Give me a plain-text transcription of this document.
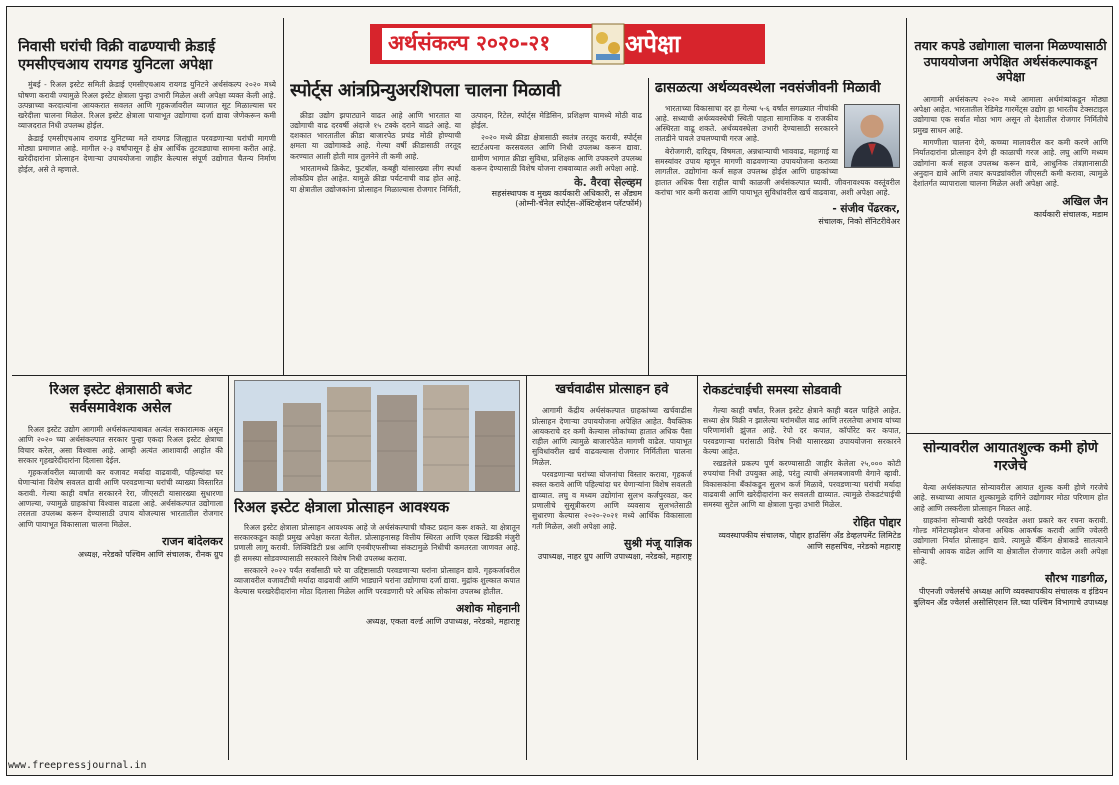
अर्थसंकल्प २०२०-२१	अपेक्षा
निवासी घरांची विक्री वाढण्याची क्रेडाई एमसीएचआय रायगड युनिटला अपेक्षा

मुंबई - रिअल इस्टेट समिती क्रेडाई एमसीएचआय रायगड युनिटने अर्थसंकल्प २०२० मध्ये घोषणा करावी ज्यामुळे रिअल इस्टेट क्षेत्राला पुन्हा उभारी मिळेल अशी अपेक्षा व्यक्त केली आहे. उत्पन्नाच्या करदात्यांना आयकरात सवलत आणि गृहकर्जावरील व्याजात सूट मिळाल्यास घर खरेदीला चालना मिळेल. रिअल इस्टेट क्षेत्राला पायाभूत उद्योगाचा दर्जा द्यावा जेणेकरून कमी व्याजदरात निधी उपलब्ध होईल.

क्रेडाई एमसीएचआय रायगड युनिटच्या मते रायगड जिल्ह्यात परवडणाऱ्या घरांची मागणी मोठ्या प्रमाणात आहे. मागील २-३ वर्षांपासून हे क्षेत्र आर्थिक तुटवड्याचा सामना करीत आहे. खरेदीदारांना प्रोत्साहन देणाऱ्या उपाययोजना जाहीर केल्यास संपूर्ण उद्योगात चैतन्य निर्माण होईल, असे ते म्हणाले.

स्पोर्ट्स आंत्रप्रिन्युअरशिपला चालना मिळावी

क्रीडा उद्योग झपाट्याने वाढत आहे आणि भारतात या उद्योगाची वाढ दरवर्षी अंदाजे १५ टक्के दराने वाढते आहे. या दशकात भारतातील क्रीडा बाजारपेठ प्रचंड मोठी होण्याची क्षमता या उद्योगाकडे आहे. गेल्या वर्षी क्रीडासाठी तरतूद करण्यात आली होती मात्र तुलनेने ती कमी आहे.

भारतामध्ये क्रिकेट, फुटबॉल, कबड्डी यांसारख्या लीग स्पर्धा लोकप्रिय होत आहेत. यामुळे क्रीडा पर्यटनाची वाढ होत आहे. या क्षेत्रातील उद्योजकांना प्रोत्साहन मिळाल्यास रोजगार निर्मिती, उत्पादन, रिटेल, स्पोर्ट्स मेडिसिन, प्रशिक्षण यामध्ये मोठी वाढ होईल.

२०२० मध्ये क्रीडा क्षेत्रासाठी स्वतंत्र तरतूद करावी, स्पोर्ट्स स्टार्टअपना करसवलत आणि निधी उपलब्ध करून द्यावा. ग्रामीण भागात क्रीडा सुविधा, प्रशिक्षक आणि उपकरणे उपलब्ध करून देण्यासाठी विशेष योजना राबवाव्यात अशी अपेक्षा आहे.

के. वैरवा सेल्व्हम
सहसंस्थापक व मुख्य कार्यकारी अधिकारी, स अँड्यम (ओम्नी-चॅनेल स्पोर्ट्स-ॲक्टिव्हेशन प्लॅटफॉर्म)
ढासळत्या अर्थव्यवस्थेला नवसंजीवनी मिळावी

भारताच्या विकासाचा दर हा गेल्या ५-६ वर्षांत सगळ्यात नीचांकी आहे. सध्याची अर्थव्यवस्थेची स्थिती पाहता सामाजिक व राजकीय अस्थिरता वाढू शकते. अर्थव्यवस्थेला उभारी देण्यासाठी सरकारने तातडीने पावले उचलण्याची गरज आहे.

बेरोजगारी, दारिद्र्य, विषमता, अन्नधान्याची भाववाढ, महागाई या समस्यांवर उपाय म्हणून मागणी वाढवणाऱ्या उपाययोजना कराव्या लागतील. उद्योगांना कर्ज सहज उपलब्ध होईल आणि ग्राहकांच्या हातात अधिक पैसा राहील याची काळजी अर्थसंकल्पात घ्यावी. जीवनावश्यक वस्तूंवरील करांचा भार कमी करावा आणि पायाभूत सुविधांवरील खर्च वाढवावा, अशी अपेक्षा आहे.

- संजीव पेंढरकर,
संचालक, निको सॅनिटरीवेअर
तयार कपडे उद्योगाला चालना मिळण्यासाठी उपाययोजना अपेक्षित अर्थसंकल्पाकडून अपेक्षा

आगामी अर्थसंकल्प २०२० मध्ये आमाला अर्थमंत्र्यांकडून मोठ्या अपेक्षा आहेत. भारतातील रेडिमेड गारमेंट्स उद्योग हा भारतीय टेक्सटाइल उद्योगाचा एक सर्वात मोठा भाग असून तो देशातील रोजगार निर्मितीचे प्रमुख साधन आहे.

मागणीला चालना देणे, कच्च्या मालावरील कर कमी करणे आणि निर्यातदारांना प्रोत्साहन देणे ही काळाची गरज आहे. लघु आणि मध्यम उद्योगांना कर्ज सहज उपलब्ध करून द्यावे, आधुनिक तंत्रज्ञानासाठी अनुदान द्यावे आणि तयार कपड्यांवरील जीएसटी कमी करावा, त्यामुळे देशांतर्गत व्यापाराला चालना मिळेल अशी अपेक्षा आहे.

अखिल जैन
कार्यकारी संचालक, मडाम
रिअल इस्टेट क्षेत्रासाठी बजेट सर्वसमावेशक असेल

रिअल इस्टेट उद्योग आगामी अर्थसंकल्पाबाबत अत्यंत सकारात्मक असून आणि २०२० च्या अर्थसंकल्पात सरकार पुन्हा एकदा रिअल इस्टेट क्षेत्राचा विचार करेल, असा विश्वास आहे. आम्ही अत्यंत आशावादी आहोत की सरकार गृहखरेदीदारांना दिलासा देईल.

गृहकर्जावरील व्याजाची कर वजावट मर्यादा वाढवावी, पहिल्यांदा घर घेणाऱ्यांना विशेष सवलत द्यावी आणि परवडणाऱ्या घरांची व्याख्या विस्तारित करावी. गेल्या काही वर्षांत सरकारने रेरा, जीएसटी यासारख्या सुधारणा आणल्या, ज्यामुळे ग्राहकांचा विश्वास वाढला आहे. अर्थसंकल्पात उद्योगाला तरलता उपलब्ध करून देण्यासाठी उपाय योजल्यास भारतातील रोजगार आणि पायाभूत विकासाला चालना मिळेल.

राजन बांदेलकर
अध्यक्ष, नरेडको पश्चिम आणि संचालक, रौनक ग्रुप
रिअल इस्टेट क्षेत्राला प्रोत्साहन आवश्यक

रिअल इस्टेट क्षेत्राला प्रोत्साहन आवश्यक आहे जे अर्थसंकल्पाची चौकट प्रदान करू शकते. या क्षेत्रातून सरकारकडून काही प्रमुख अपेक्षा करता येतील. प्रोत्साहनासह वित्तीय स्थिरता आणि एकल खिडकी मंजुरी प्रणाली लागू करावी. लिक्विडिटी प्रश्न आणि एनबीएफसीच्या संकटामुळे निधीची कमतरता जाणवत आहे. ही समस्या सोडवण्यासाठी सरकारने विशेष निधी उपलब्ध करावा.

सरकारने २०२२ पर्यंत सर्वांसाठी घरे या उद्दिष्टासाठी परवडणाऱ्या घरांना प्रोत्साहन द्यावे. गृहकर्जावरील व्याजावरील वजावटीची मर्यादा वाढवावी आणि भाड्याने घरांना उद्योगाचा दर्जा द्यावा. मुद्रांक शुल्कात कपात केल्यास घरखरेदीदारांना मोठा दिलासा मिळेल आणि परवडणारी घरे अधिक लोकांना उपलब्ध होतील.

अशोक मोहनानी
अध्यक्ष, एकता वर्ल्ड आणि उपाध्यक्ष, नरेडको, महाराष्ट्र
खर्चवाढीस प्रोत्साहन हवे

आगामी केंद्रीय अर्थसंकल्पात ग्राहकांच्या खर्चवाढीस प्रोत्साहन देणाऱ्या उपाययोजना अपेक्षित आहेत. वैयक्तिक आयकराचे दर कमी केल्यास लोकांच्या हातात अधिक पैसा राहील आणि त्यामुळे बाजारपेठेत मागणी वाढेल. पायाभूत सुविधांवरील खर्च वाढवल्यास रोजगार निर्मितीला चालना मिळेल.

परवडणाऱ्या घरांच्या योजनांचा विस्तार करावा, गृहकर्ज स्वस्त करावे आणि पहिल्यांदा घर घेणाऱ्यांना विशेष सवलती द्याव्यात. लघु व मध्यम उद्योगांना सुलभ कर्जपुरवठा, कर प्रणालीचे सुसूत्रीकरण आणि व्यवसाय सुलभतेसाठी सुधारणा केल्यास २०२०-२०२१ मध्ये आर्थिक विकासाला गती मिळेल, अशी अपेक्षा आहे.

सुश्री मंजू याज्ञिक
उपाध्यक्ष, नाहर ग्रुप आणि उपाध्यक्षा, नरेडको, महाराष्ट्र
रोकडटंचाईची समस्या सोडवावी

गेल्या काही वर्षांत, रिअल इस्टेट क्षेत्राने काही बदल पाहिले आहेत. सध्या क्षेत्र विक्री न झालेल्या घरांमधील वाढ आणि तरलतेचा अभाव यांच्या परिणामांशी झुंजत आहे. रेपो दर कपात, कॉर्पोरेट कर कपात, परवडणाऱ्या घरांसाठी विशेष निधी यासारख्या उपाययोजना सरकारने केल्या आहेत.

रखडलेले प्रकल्प पूर्ण करण्यासाठी जाहीर केलेला २५,००० कोटी रुपयांचा निधी उपयुक्त आहे, परंतु त्याची अंमलबजावणी वेगाने व्हावी. विकासकांना बँकांकडून सुलभ कर्ज मिळावे, परवडणाऱ्या घरांची मर्यादा वाढवावी आणि खरेदीदारांना कर सवलती द्याव्यात. त्यामुळे रोकडटंचाईची समस्या सुटेल आणि या क्षेत्राला पुन्हा उभारी मिळेल.

रोहित पोद्दार
व्यवस्थापकीय संचालक, पोद्दार हाउसिंग अँड डेव्हलपमेंट लिमिटेड आणि सहसचिव, नरेडको महाराष्ट्र
सोन्यावरील आयातशुल्क कमी होणे गरजेचे

येत्या अर्थसंकल्पात सोन्यावरील आयात शुल्क कमी होणे गरजेचे आहे. सध्याच्या आयात शुल्कामुळे दागिने उद्योगावर मोठा परिणाम होत आहे आणि तस्करीला प्रोत्साहन मिळत आहे.

ग्राहकांना सोन्याची खरेदी परवडेल अशा प्रकारे कर रचना करावी. गोल्ड मॉनेटायझेशन योजना अधिक आकर्षक करावी आणि ज्वेलरी उद्योगाला निर्यात प्रोत्साहन द्यावे. त्यामुळे बँकिंग क्षेत्राकडे सातत्याने सोन्याची आवक वाढेल आणि या क्षेत्रातील रोजगार वाढेल अशी अपेक्षा आहे.

सौरभ गाडगीळ,
पीएनजी ज्वेलर्सचे अध्यक्ष आणि व्यवस्थापकीय संचालक व इंडियन बुलियन अँड ज्वेलर्स असोसिएशन लि.च्या पश्चिम विभागाचे उपाध्यक्ष
www.freepressjournal.in
